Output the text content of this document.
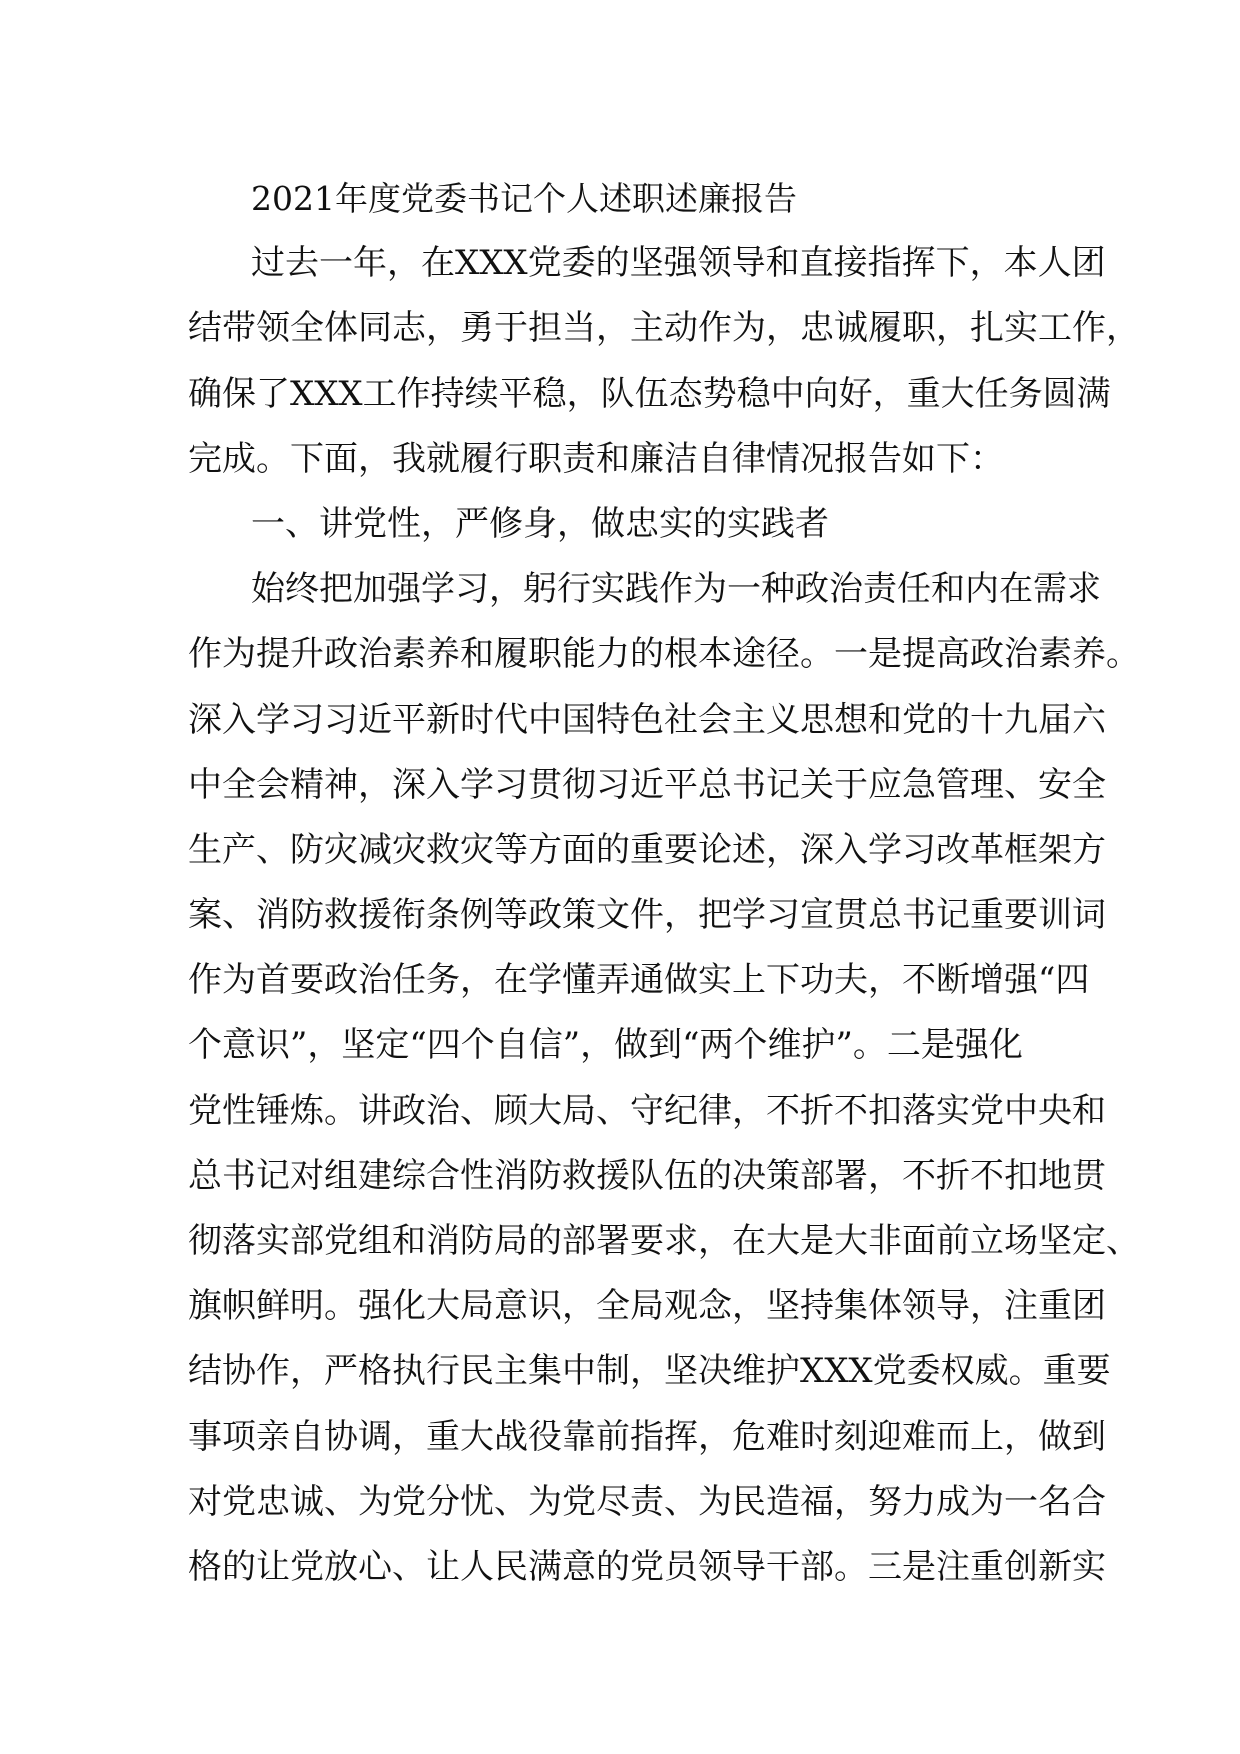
2021年度党委书记个人述职述廉报告
过去一年，在XXX党委的坚强领导和直接指挥下，本人团
结带领全体同志，勇于担当，主动作为，忠诚履职，扎实工作，
确保了XXX工作持续平稳，队伍态势稳中向好，重大任务圆满
完成。下面，我就履行职责和廉洁自律情况报告如下：
一、讲党性，严修身，做忠实的实践者
始终把加强学习，躬行实践作为一种政治责任和内在需求
作为提升政治素养和履职能力的根本途径。一是提高政治素养。
深入学习习近平新时代中国特色社会主义思想和党的十九届六
中全会精神，深入学习贯彻习近平总书记关于应急管理、安全
生产、防灾减灾救灾等方面的重要论述，深入学习改革框架方
案、消防救援衔条例等政策文件，把学习宣贯总书记重要训词
作为首要政治任务，在学懂弄通做实上下功夫，不断增强“四
个意识”，坚定“四个自信”，做到“两个维护”。二是强化
党性锤炼。讲政治、顾大局、守纪律，不折不扣落实党中央和
总书记对组建综合性消防救援队伍的决策部署，不折不扣地贯
彻落实部党组和消防局的部署要求，在大是大非面前立场坚定、
旗帜鲜明。强化大局意识，全局观念，坚持集体领导，注重团
结协作，严格执行民主集中制，坚决维护XXX党委权威。重要
事项亲自协调，重大战役靠前指挥，危难时刻迎难而上，做到
对党忠诚、为党分忧、为党尽责、为民造福，努力成为一名合
格的让党放心、让人民满意的党员领导干部。三是注重创新实
